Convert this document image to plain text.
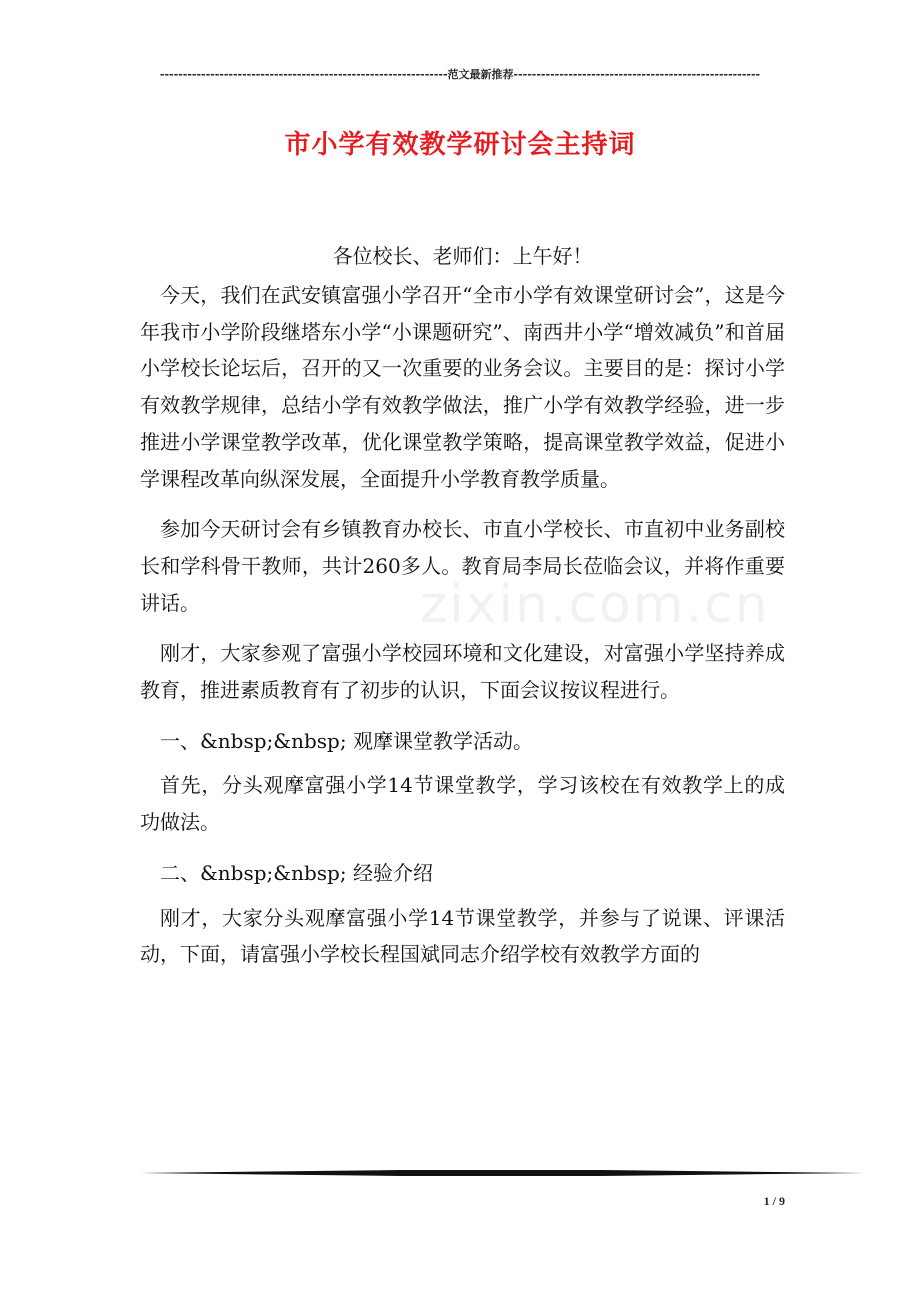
---------------------------------------------------------------范文最新推荐------------------------------------------------------
市小学有效教学研讨会主持词
zixin.com.cn
各位校长、老师们：上午好！

今天，我们在武安镇富强小学召开“全市小学有效课堂研讨会”，这是今年我市小学阶段继塔东小学“小课题研究”、南西井小学“增效减负”和首届小学校长论坛后，召开的又一次重要的业务会议。主要目的是：探讨小学有效教学规律，总结小学有效教学做法，推广小学有效教学经验，进一步推进小学课堂教学改革，优化课堂教学策略，提高课堂教学效益，促进小学课程改革向纵深发展，全面提升小学教育教学质量。

参加今天研讨会有乡镇教育办校长、市直小学校长、市直初中业务副校长和学科骨干教师，共计260多人。教育局李局长莅临会议，并将作重要讲话。

刚才，大家参观了富强小学校园环境和文化建设，对富强小学坚持养成教育，推进素质教育有了初步的认识，下面会议按议程进行。

一、&nbsp;&nbsp; 观摩课堂教学活动。

首先，分头观摩富强小学14节课堂教学，学习该校在有效教学上的成功做法。

二、&nbsp;&nbsp; 经验介绍

刚才，大家分头观摩富强小学14节课堂教学，并参与了说课、评课活动，下面，请富强小学校长程国斌同志介绍学校有效教学方面的

1 / 9
